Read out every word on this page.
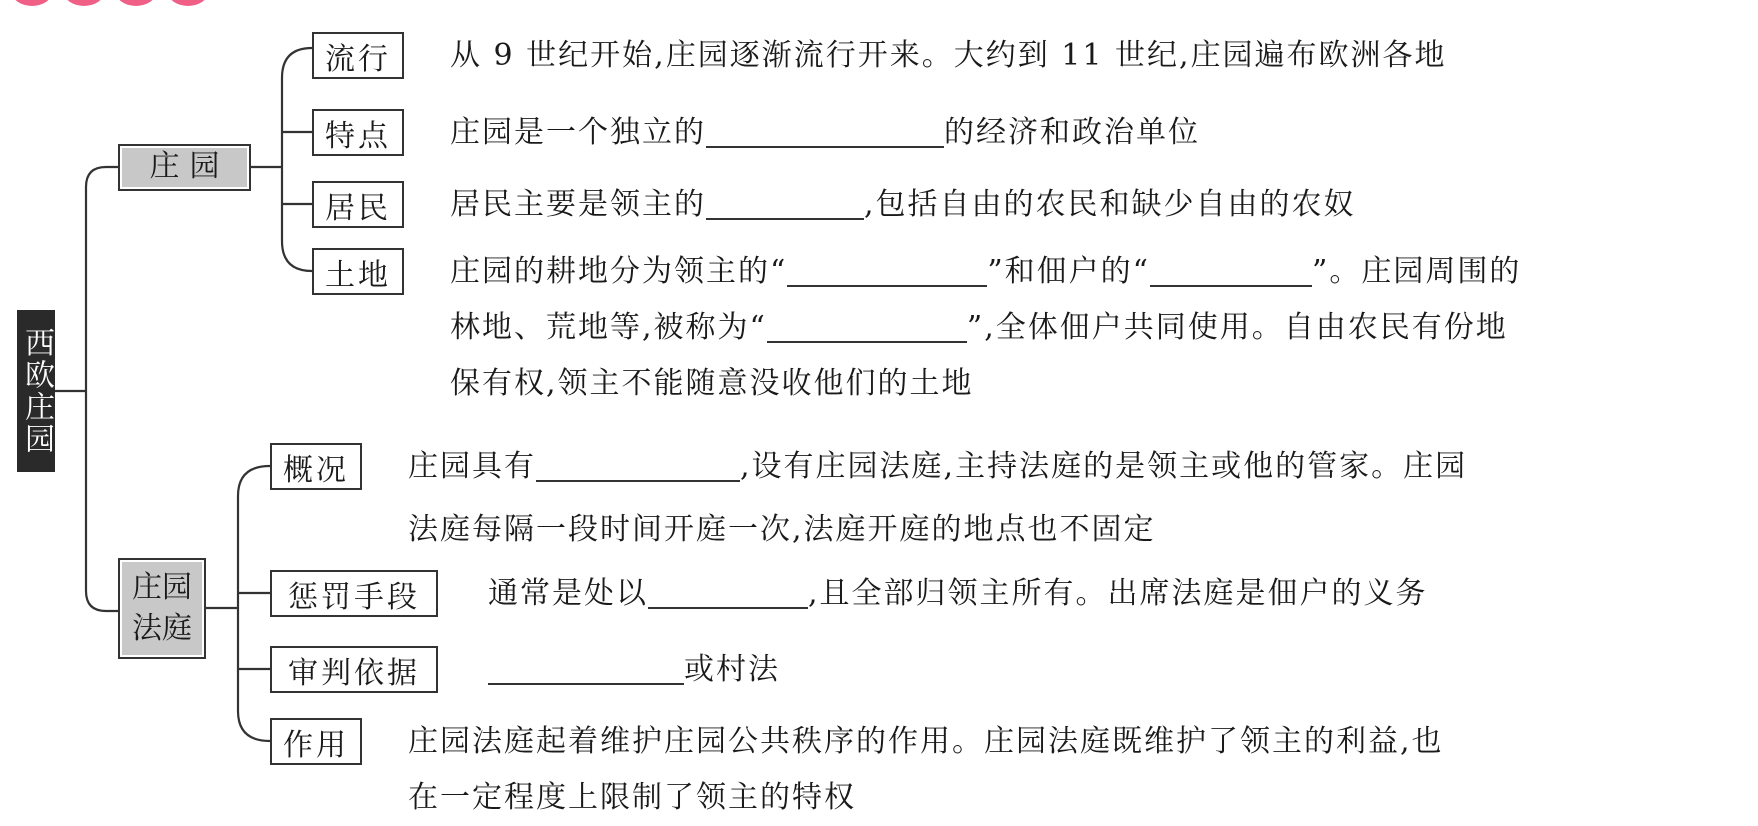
西欧庄园
庄园
庄园法庭
流行
特点
居民
土地
概况
惩罚手段
审判依据
作用
从 9 世纪开始,庄园逐渐流行开来。大约到 11 世纪,庄园遍布欧洲各地
庄园是一个独立的	的经济和政治单位
居民主要是领主的	,包括自由的农民和缺少自由的农奴
庄园的耕地分为领主的“	”和佃户的“	”。庄园周围的
林地、荒地等,被称为“	”,全体佃户共同使用。自由农民有份地
保有权,领主不能随意没收他们的土地
庄园具有	,设有庄园法庭,主持法庭的是领主或他的管家。庄园
法庭每隔一段时间开庭一次,法庭开庭的地点也不固定
通常是处以	,且全部归领主所有。出席法庭是佃户的义务
或村法
庄园法庭起着维护庄园公共秩序的作用。庄园法庭既维护了领主的利益,也
在一定程度上限制了领主的特权
